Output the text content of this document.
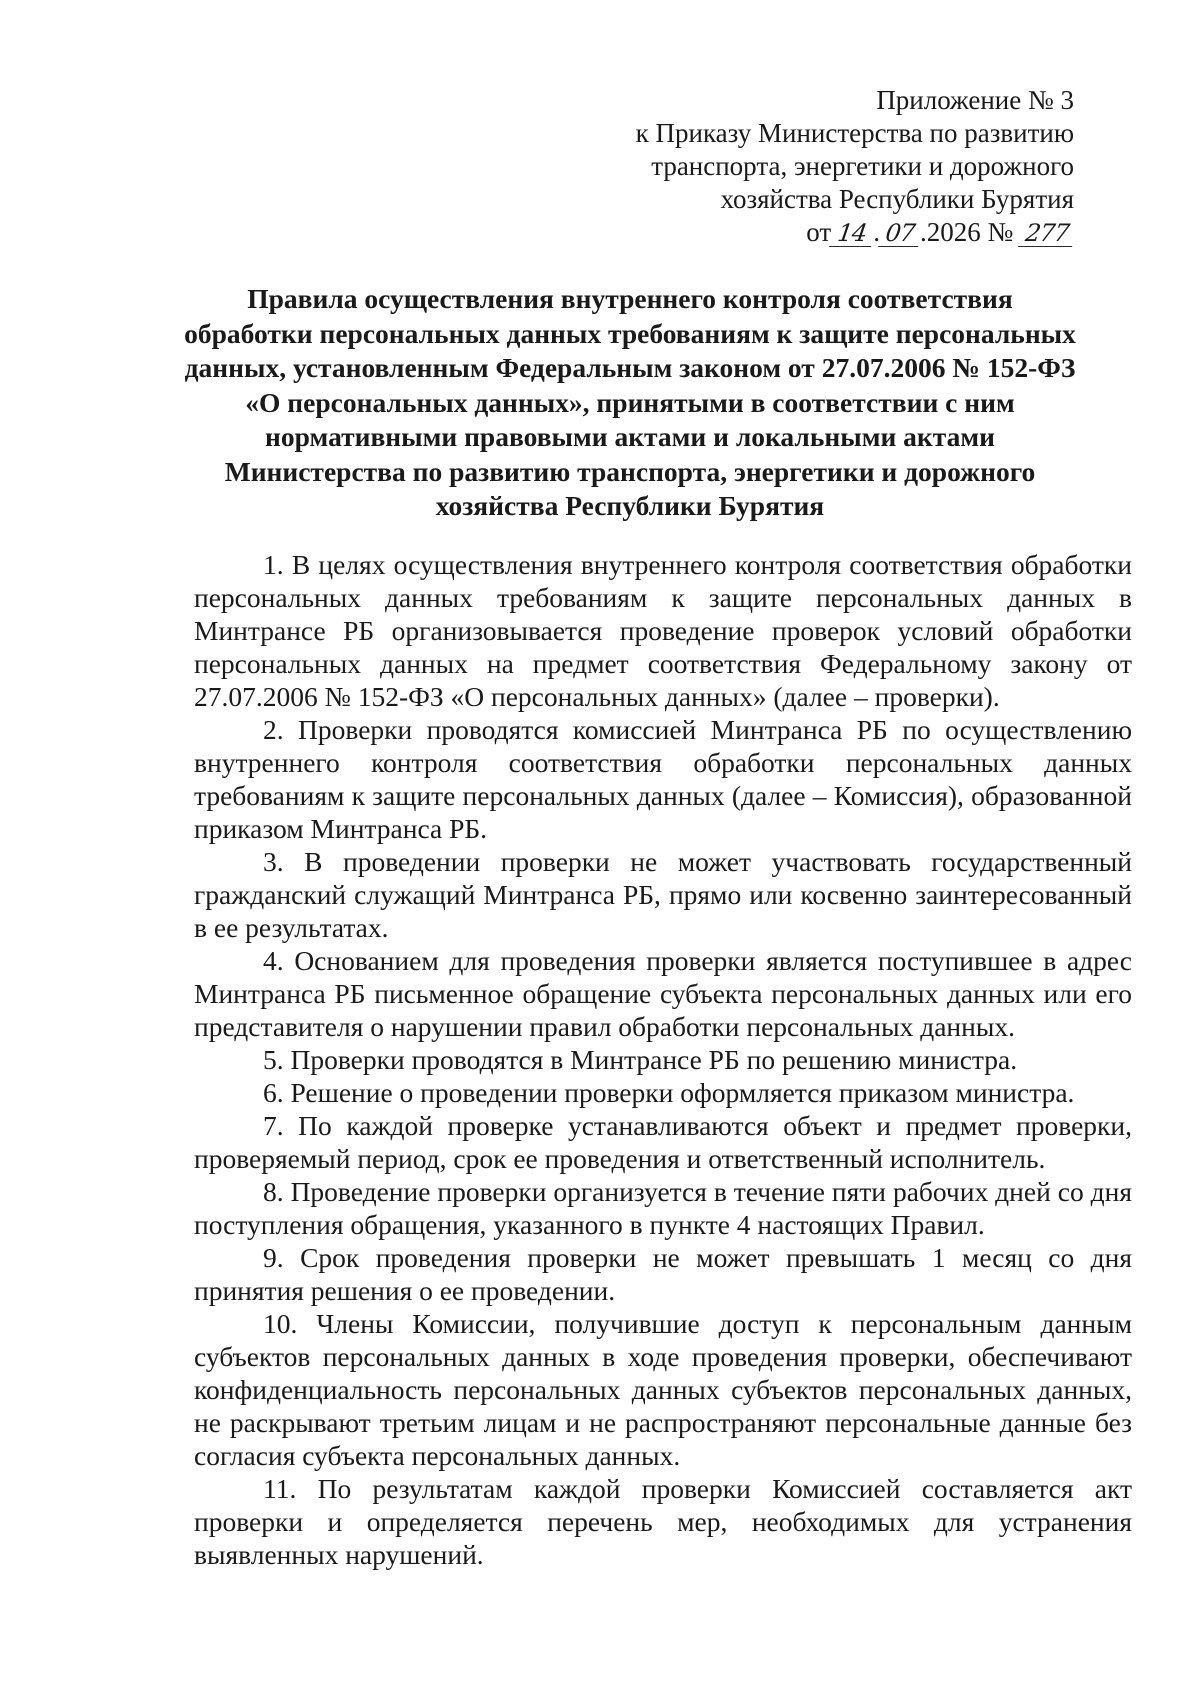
Приложение № 3
к Приказу Министерства по развитию
транспорта, энергетики и дорожного
хозяйства Республики Бурятия
от 14 . 07 .2026 № 277
Правила осуществления внутреннего контроля соответствия
обработки персональных данных требованиям к защите персональных
данных, установленным Федеральным законом от 27.07.2006 № 152-ФЗ
«О персональных данных», принятыми в соответствии с ним
нормативными правовыми актами и локальными актами
Министерства по развитию транспорта, энергетики и дорожного
хозяйства Республики Бурятия

1. В целях осуществления внутреннего контроля соответствия обработки персональных данных требованиям к защите персональных данных в Минтрансе РБ организовывается проведение проверок условий обработки персональных данных на предмет соответствия Федеральному закону от 27.07.2006 № 152-ФЗ «О персональных данных» (далее – проверки).

2. Проверки проводятся комиссией Минтранса РБ по осуществлению внутреннего контроля соответствия обработки персональных данных требованиям к защите персональных данных (далее – Комиссия), образованной приказом Минтранса РБ.

3. В проведении проверки не может участвовать государственный гражданский служащий Минтранса РБ, прямо или косвенно заинтересованный в ее результатах.

4. Основанием для проведения проверки является поступившее в адрес Минтранса РБ письменное обращение субъекта персональных данных или его представителя о нарушении правил обработки персональных данных.

5. Проверки проводятся в Минтрансе РБ по решению министра.

6. Решение о проведении проверки оформляется приказом министра.

7. По каждой проверке устанавливаются объект и предмет проверки, проверяемый период, срок ее проведения и ответственный исполнитель.

8. Проведение проверки организуется в течение пяти рабочих дней со дня поступления обращения, указанного в пункте 4 настоящих Правил.

9. Срок проведения проверки не может превышать 1 месяц со дня принятия решения о ее проведении.

10. Члены Комиссии, получившие доступ к персональным данным субъектов персональных данных в ходе проведения проверки, обеспечивают конфиденциальность персональных данных субъектов персональных данных, не раскрывают третьим лицам и не распространяют персональные данные без согласия субъекта персональных данных.

11. По результатам каждой проверки Комиссией составляется акт проверки и определяется перечень мер, необходимых для устранения выявленных нарушений.
